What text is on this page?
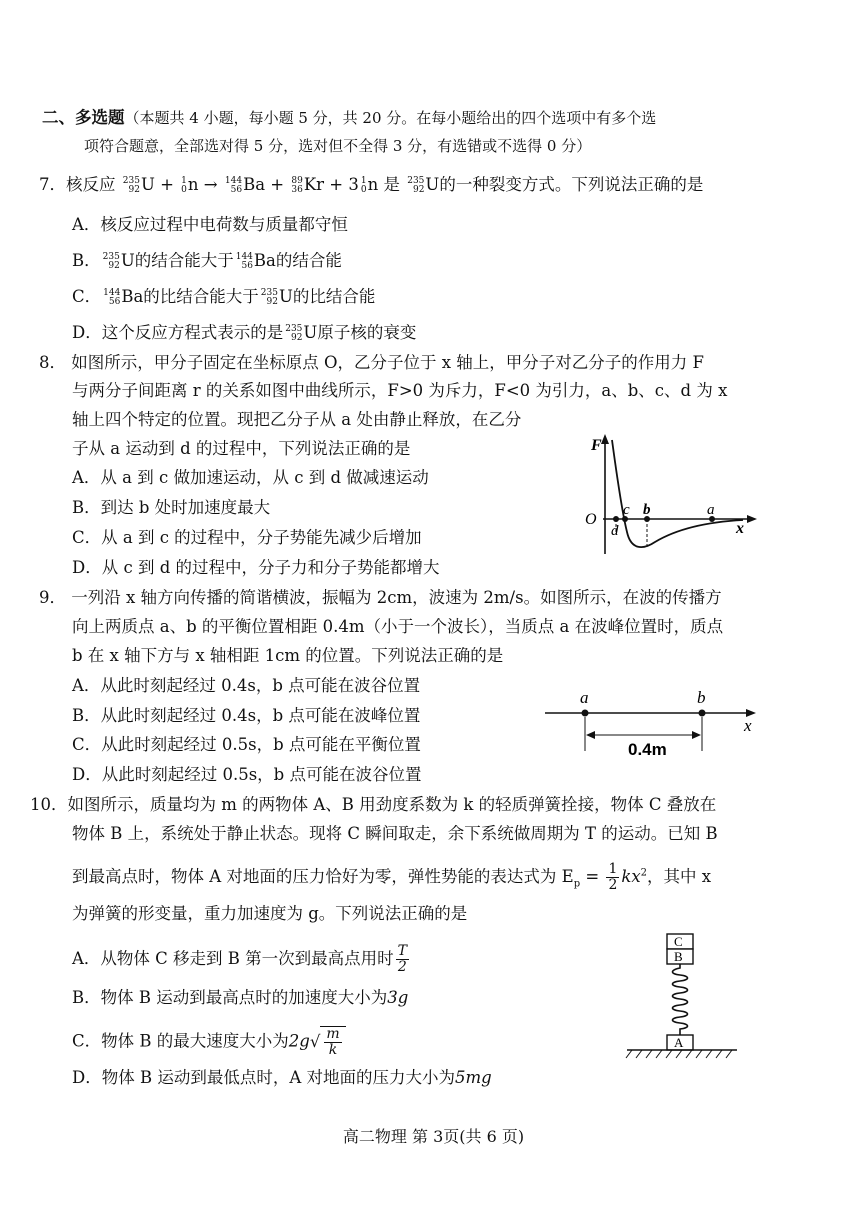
二、多选题（本题共 4 小题，每小题 5 分，共 20 分。在每小题给出的四个选项中有多个选
项符合题意，全部选对得 5 分，选对但不全得 3 分，有选错或不选得 0 分）
7．核反应 235
92 U + 1
0 n → 144
56 Ba + 89
36 Kr + 3 1
0 n 是 235
92 U的一种裂变方式。下列说法正确的是
A．核反应过程中电荷数与质量都守恒
B． 235
92 U的结合能大于 144
56 Ba的结合能
C． 144
56 Ba的比结合能大于 235
92 U的比结合能
D．这个反应方程式表示的是 235
92 U原子核的衰变
8． 如图所示，甲分子固定在坐标原点 O，乙分子位于 x 轴上，甲分子对乙分子的作用力 F
与两分子间距离 r 的关系如图中曲线所示，F>0 为斥力，F<0 为引力，a、b、c、d 为 x
轴上四个特定的位置。现把乙分子从 a 处由静止释放，在乙分
子从 a 运动到 d 的过程中，下列说法正确的是
A．从 a 到 c 做加速运动，从 c 到 d 做减速运动
B．到达 b 处时加速度最大
C．从 a 到 c 的过程中，分子势能先减少后增加
D．从 c 到 d 的过程中，分子力和分子势能都增大
F
O
c b	a
d	x
9． 一列沿 x 轴方向传播的简谐横波，振幅为 2cm，波速为 2m/s。如图所示，在波的传播方
向上两质点 a、b 的平衡位置相距 0.4m（小于一个波长），当质点 a 在波峰位置时，质点
b 在 x 轴下方与 x 轴相距 1cm 的位置。下列说法正确的是
A．从此时刻起经过 0.4s，b 点可能在波谷位置
B．从此时刻起经过 0.4s，b 点可能在波峰位置
C．从此时刻起经过 0.5s，b 点可能在平衡位置
D．从此时刻起经过 0.5s，b 点可能在波谷位置
a	b
x
0.4m
10．如图所示，质量均为 m 的两物体 A、B 用劲度系数为 k 的轻质弹簧拴接，物体 C 叠放在
物体 B 上，系统处于静止状态。现将 C 瞬间取走，余下系统做周期为 T 的运动。已知 B
到最高点时，物体 A 对地面的压力恰好为零，弹性势能的表达式为 $E_p = \frac{1}{2} kx^2$，其中 x
为弹簧的形变量，重力加速度为 g。下列说法正确的是
A．从物体 C 移走到 B 第一次到最高点用时 $\frac{T}{2}$
B．物体 B 运动到最高点时的加速度大小为3g
C．物体 B 的最大速度大小为$2g√ \frac{m}{k}$
D．物体 B 运动到最低点时，A 对地面的压力大小为5mg
C
B
A
高二物理 第 3页(共 6 页)
